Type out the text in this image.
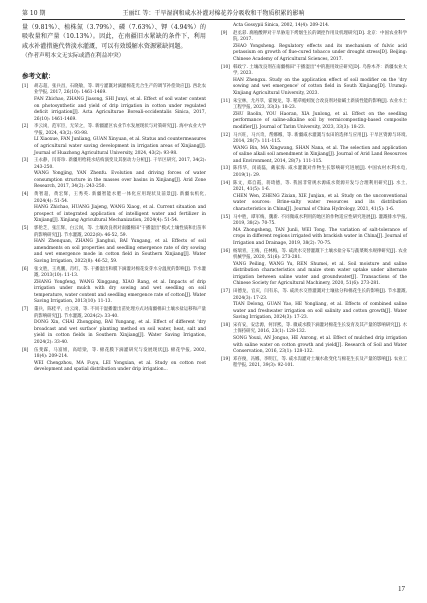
第 10 期	王丽红 等：干旱湿润和咸水补灌对棉花养分吸收和干物质积累的影响

量（9.81%）、植株氮（3.79%）、磷（7.63%）、钾（4.94%）的吸收量和产量（10.13%）。因此，在南疆旧水紧缺的条件下，利用咸水补灌措施代替淡水灌溉，可以有效缓解水资源紧缺问题。

（作者声明本文无实际或潜在利益冲突）

参考文献：
[1]	胡志超，张兵昌，石晓敏，等. 调亏灌溉对滴灌棉花光合生产的调节补偿效应[J]. 西北农业学报, 2017, 26(10): 1461-1469.
FAN Zhichao, ZHANG Jiasong, SHI Junyi, et al. Effect of soil water content on photosynthetic and yield of drip irrigation in cotton under regulated deficit irrigation[J]. Acta Agriculturae Boreali-occidentalis Sinica, 2017, 26(10): 1461-1469.
[2]	李云岗，范军臣，无荣之，等. 新疆灌区农业节水发展现状与对策研究[J]. 海中农业大学学报, 2024, 43(2): 93-98.
LI Xiaoxue, FAN Junliang, GUAN Xinyuan, et al. Status and countermeasures of agricultural water saving development in irrigation areas of Xinjiang[J]. Journal of Huazhong Agricultural University, 2024, 43(2): 93-98.
[3]	王永静，闫哥珍. 新疆用给耗水结构演变及其驱动力分析[J]. 干旱区研究, 2017, 34(2): 243-250.
WANG Yongjing, YAN Zhenfu. Evolution and driving forces of water consumption structure in the masses over basins in Xinjiang[J]. Arid Zone Research, 2017, 34(2): 243-250.
[4]	黄智超，黄宏辉，王秀英. 新疆智能水肥一体化应用现状及前景[J]. 新疆农机化, 2024(4): 51-54.
HANG Zhichao, HUANG Jiajeng, WANG Xiaog, et al. Current situation and prospect of integrated application of intelligent water and fertilizer in Xinjiang[J]. Xinjiang Agricultural Mechanization, 2024(4): 51-54.
[5]	郭伦芝，张江辉，白云岗，等. 土壤改良剂对南疆棉田"干播湿出"模式土壤性质和出苗率的影响研究[J]. 节水灌溉, 2022(8): 46-52, 59.
HAN Zhenquan, ZHANG Jianghui, BAI Yungang, et al. Effects of soil amendments on soil properties and seedling emergence rate of dry sowing and wet emergence mode in cotton field in Southern Xinjiang[J]. Water Saving Irrigation, 2022(8): 46-52, 59.
[6]	张文胜，王兆鹏，肖红，等. 干播湿出和膜下滴灌对棉花发芽水分温度的影响[J]. 节水灌溉, 2013(10): 11-13.
ZHANG Yongfeng, WANG Xinggang, XIAO Rang, et al. Impacts of drip irrigation under mulch with dry sowing and wet seedling on soil temperature, water content and seedling emergence rate of cotton[J]. Water Saving Irrigation, 2013(10): 11-13.
[7]	董兵，陈桂平，白云岗，等. 不同干湿播灌出苗处理方式对南疆棉田土壤水盐运移和产量的影响研究[J]. 节水灌溉, 2024(2): 33-40.
DONG Xin, CHAI Zhongping, BAI Yungang, et al. Effect of different 'dry broadcast and wet surface' planting method on soil water, heat, salt and yield in cotton fields in Southern Xinjiang[J]. Water Saving Irrigation, 2024(2): 33-40.
[8]	伍斐霖，马富姐，高暗梁，等. 棉花膜下滴灌研究与发展现状[J]. 棉花学报, 2002, 18(4): 209-214.
WEI Chengzhou, MA Fuyu, LEI Yongxian, et al. Study on cotton root development and spatial distribution under drip irrigation...
Acta Gossypii Sinica, 2002, 14(4): 209-214.
[9]	赵丞彩. 腐殖酸钾对干旱胁迫下烤烟生长的调控作用及机理研究[D]. 北京：中国农业科学院, 2017.
ZHAO Yongsheng. Regulatory effects and its mechanism of fulvic acid potassium on growth of flue-cured tobacco under drought stress[D]. Beijing: Chinese Academy of Agricultural Sciences, 2017.
[10] 韩政宁. 土壤改良剂在南疆棉田"干播湿出"中的施用效应研究[D]. 乌鲁木齐：新疆农业大学, 2023.
HAN Zhengxu. Study on the application effect of soil modifier on the 'dry sowing and wet emergence' of cotton field in South Xinjiang[D]. Urumqi: Xinjiang Agricultural University, 2023.
[11] 朱宝林，尤丹萃，霍俊龙，等. 稻草蚯蚓复合改良剂对盐碱土新质性能的影响[J]. 农业水土工程学报, 2023, 33(3): 18-23.
ZHU Baolin, YOU Haoran, XIA Junlong, et al. Effect on the seedling performance of saline-alkaline soil by vermicomposting-based composite modifier[J]. Journal of Tarim University, 2023, 33(3): 18-23.
[12] 马兴旺，马兴奇，帮娜娜，等. 新疆咸水灌溉与农田的选择与应用[J]. 干旱区资源与环境, 2014, 28(7): 111-115.
WANG Bin, MA Xingwang, SHAN Nana, et al. The selection and application of saline alkali soil amendment in Xinjiang[J]. Journal of Arid Land Resources and Environment, 2014, 28(7): 111-115.
[13] 陈伟华，闵战磊，戴家海. 咸水灌溉对作物生长影响研究进展[J]. 中国农村水利水电, 2019(1): 29.
[14] 陈文，郑自霞，蒋琦德，等. 我国非常规水源咸水资源开发与合理利用研究[J]. 水土, 2021, 41(5): 1-6.
CHEN Wen, ZHENG Zixian, XIE Junjian, et al. Study on the unconventional water sources: Brine-salty water resources and its distribution characteristics in China[J]. Journal of China Hydrology, 2021, 41(5): 1-6.
[15] 马中胜，谭军梅，魏新. 不同微咸水利用的地区的作物适应性研究进展[J]. 灌溉排水学报, 2019, 38(2): 70-75.
MA Zhongsheng, TAN Junli, WEI Tong. The variation of salt-tolerance of crops in different regions irrigated with brackish water in China[J]. Journal of Irrigation and Drainage, 2019, 38(2): 70-75.
[16] 杨瑞青，王梅，任林梅，等. 咸淡水交替灌溉下土壤水盐分布与蔬菜吸水规律研究[J]. 农业机械学报, 2020, 51(6): 273-281.
YANG Peiling, WANG Yu, REN Shumei, et al. Soil moisture and saline distribution characteristics and maize stem water uptake under alternate irrigation between saline water and groundwater[J]. Transactions of the Chinese Society for Agricultural Machinery, 2020, 51(6): 273-281.
[17] 田德龙，官庆，闫有乐，等. 咸淡水交替灌溉对土壤盐分和棉花生长的影响[J]. 节水灌溉, 2024(3): 17-23.
TIAN Delong, GUAN Yao, HE Yongliang, et al. Effects of combined saline water and freshwater irrigation on soil salinity and cotton growth[J]. Water Saving Irrigation, 2024(3): 17-23.
[18] 宋有安，安忠源，何洋熙，等. 微咸水膜下滴灌对棉花生长发育及其产量的影响研究[J]. 水土保持研究, 2016, 23(1): 128-132.
SONG Youxi, AN Jonguo, HE Anrong, et al. Effect of mulched drip irrigation with saline water on cotton growth and yield[J]. Research of Soil and Water Conservation, 2016, 23(1): 128-132.
[19] 邓存俊，冯娜，李明江，等. 咸水沟灌对土壤水盐变化与棉花生长及产量的影响[J]. 农业工程学报, 2021, 39(3): 92-101.
17
